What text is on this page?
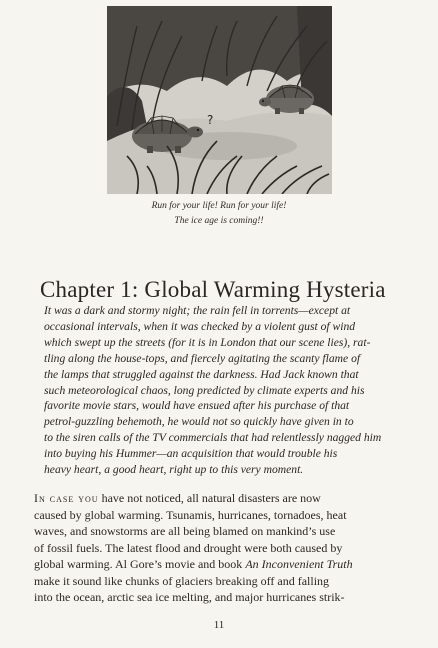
?
Run for your life! Run for your life!
The ice age is coming!!
Chapter 1: Global Warming Hysteria
It was a dark and stormy night; the rain fell in torrents—except at
occasional intervals, when it was checked by a violent gust of wind
which swept up the streets (for it is in London that our scene lies), rat-
tling along the house-tops, and fiercely agitating the scanty flame of
the lamps that struggled against the darkness. Had Jack known that
such meteorological chaos, long predicted by climate experts and his
favorite movie stars, would have ensued after his purchase of that
petrol-guzzling behemoth, he would not so quickly have given in to
to the siren calls of the TV commercials that had relentlessly nagged him
into buying his Hummer—an acquisition that would trouble his
heavy heart, a good heart, right up to this very moment.
In case you have not noticed, all natural disasters are now
caused by global warming. Tsunamis, hurricanes, tornadoes, heat
waves, and snowstorms are all being blamed on mankind’s use
of fossil fuels. The latest flood and drought were both caused by
global warming. Al Gore’s movie and book An Inconvenient Truth
make it sound like chunks of glaciers breaking off and falling
into the ocean, arctic sea ice melting, and major hurricanes strik-
11
